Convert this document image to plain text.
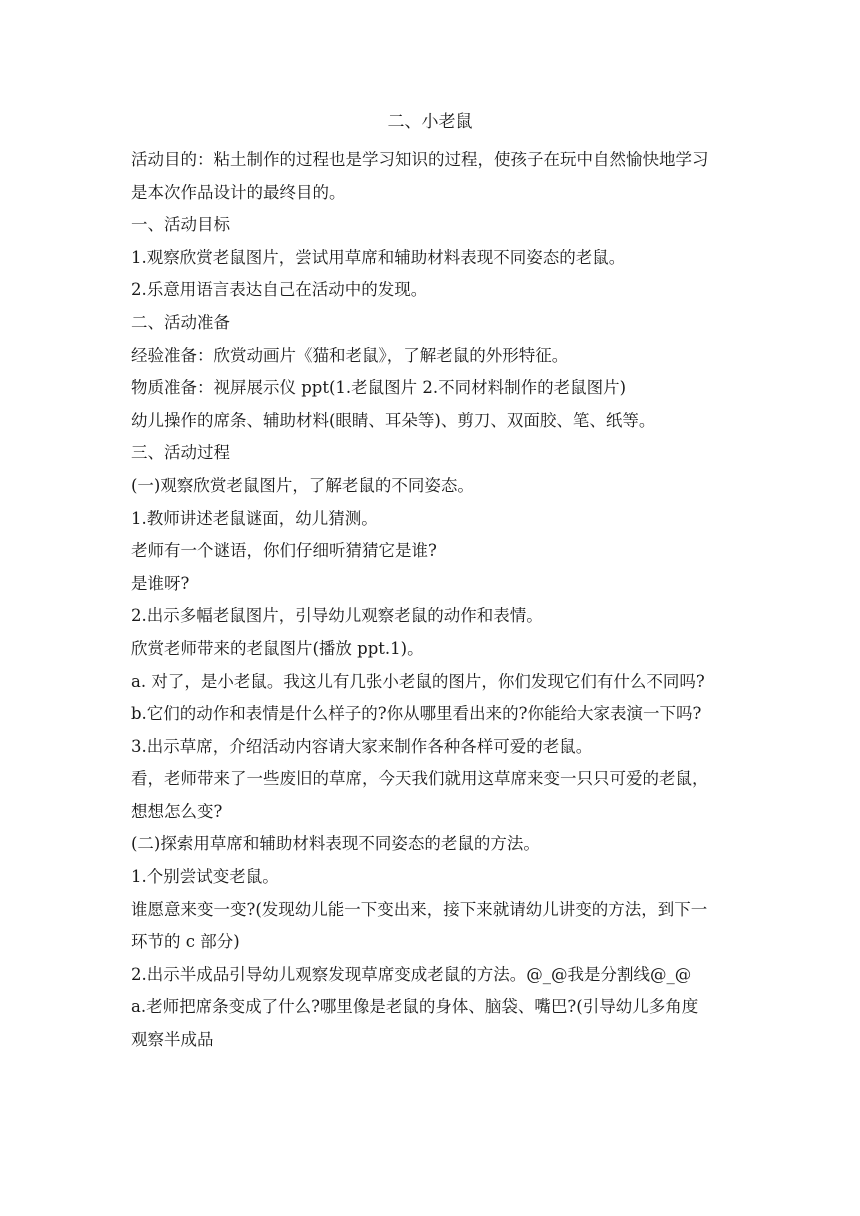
二、小老鼠
活动目的：粘土制作的过程也是学习知识的过程，使孩子在玩中自然愉快地学习
是本次作品设计的最终目的。
一、活动目标
1.观察欣赏老鼠图片，尝试用草席和辅助材料表现不同姿态的老鼠。
2.乐意用语言表达自己在活动中的发现。
二、活动准备
经验准备：欣赏动画片《猫和老鼠》，了解老鼠的外形特征。
物质准备：视屏展示仪 ppt(1.老鼠图片 2.不同材料制作的老鼠图片)
幼儿操作的席条、辅助材料(眼睛、耳朵等)、剪刀、双面胶、笔、纸等。
三、活动过程
(一)观察欣赏老鼠图片，了解老鼠的不同姿态。
1.教师讲述老鼠谜面，幼儿猜测。
老师有一个谜语，你们仔细听猜猜它是谁?
是谁呀?
2.出示多幅老鼠图片，引导幼儿观察老鼠的动作和表情。
欣赏老师带来的老鼠图片(播放 ppt.1)。
a. 对了，是小老鼠。我这儿有几张小老鼠的图片，你们发现它们有什么不同吗?
b.它们的动作和表情是什么样子的?你从哪里看出来的?你能给大家表演一下吗?
3.出示草席，介绍活动内容请大家来制作各种各样可爱的老鼠。
看，老师带来了一些废旧的草席，今天我们就用这草席来变一只只可爱的老鼠，
想想怎么变?
(二)探索用草席和辅助材料表现不同姿态的老鼠的方法。
1.个别尝试变老鼠。
谁愿意来变一变?(发现幼儿能一下变出来，接下来就请幼儿讲变的方法，到下一
环节的 c 部分)
2.出示半成品引导幼儿观察发现草席变成老鼠的方法。@_@我是分割线@_@
a.老师把席条变成了什么?哪里像是老鼠的身体、脑袋、嘴巴?(引导幼儿多角度
观察半成品
